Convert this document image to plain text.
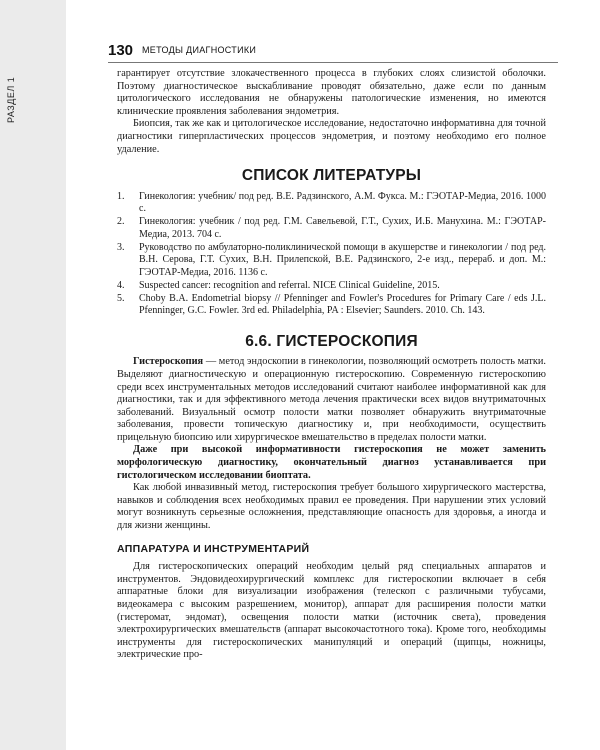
РАЗДЕЛ 1
130 МЕТОДЫ ДИАГНОСТИКИ

гарантирует отсутствие злокачественного процесса в глубоких слоях слизистой оболочки. Поэтому диагностическое выскабливание проводят обязательно, даже если по данным цитологического исследования не обнаружены патологические изменения, но имеются клинические проявления заболевания эндометрия.

Биопсия, так же как и цитологическое исследование, недостаточно информативна для точной диагностики гиперпластических процессов эндометрия, и поэтому необходимо его полное удаление.

СПИСОК ЛИТЕРАТУРЫ
1. Гинекология: учебник/ под ред. В.Е. Радзинского, А.М. Фукса. М.: ГЭОТАР-Медиа, 2016. 1000 с.
2. Гинекология: учебник / под ред. Г.М. Савельевой, Г.Т., Сухих, И.Б. Манухина. М.: ГЭОТАР-Медиа, 2013. 704 с.
3. Руководство по амбулаторно-поликлинической помощи в акушерстве и гинекологии / под ред. В.Н. Серова, Г.Т. Сухих, В.Н. Прилепской, В.Е. Радзинского, 2-е изд., перераб. и доп. М.: ГЭОТАР-Медиа, 2016. 1136 с.
4. Suspected cancer: recognition and referral. NICE Clinical Guideline, 2015.
5. Choby B.A. Endometrial biopsy // Pfenninger and Fowler's Procedures for Primary Care / eds J.L. Pfenninger, G.C. Fowler. 3rd ed. Philadelphia, PA : Elsevier; Saunders. 2010. Ch. 143.
6.6. ГИСТЕРОСКОПИЯ

Гистероскопия — метод эндоскопии в гинекологии, позволяющий осмотреть полость матки. Выделяют диагностическую и операционную гистероскопию. Современную гистероскопию среди всех инструментальных методов исследований считают наиболее информативной как для диагностики, так и для эффективного метода лечения практически всех видов внутриматочных заболеваний. Визуальный осмотр полости матки позволяет обнаружить внутриматочные заболевания, провести топическую диагностику и, при необходимости, осуществить прицельную биопсию или хирургическое вмешательство в пределах полости матки.

Даже при высокой информативности гистероскопия не может заменить морфологическую диагностику, окончательный диагноз устанавливается при гистологическом исследовании биоптата.

Как любой инвазивный метод, гистероскопия требует большого хирургического мастерства, навыков и соблюдения всех необходимых правил ее проведения. При нарушении этих условий могут возникнуть серьезные осложнения, представляющие опасность для здоровья, а иногда и для жизни женщины.

АППАРАТУРА И ИНСТРУМЕНТАРИЙ

Для гистероскопических операций необходим целый ряд специальных аппаратов и инструментов. Эндовидеохирургический комплекс для гистероскопии включает в себя аппаратные блоки для визуализации изображения (телескоп с различными тубусами, видеокамера с высоким разрешением, монитор), аппарат для расширения полости матки (гистеромат, эндомат), освещения полости матки (источник света), проведения электрохирургических вмешательств (аппарат высокочастотного тока). Кроме того, необходимы инструменты для гистероскопических манипуляций и операций (щипцы, ножницы, электрические про-
